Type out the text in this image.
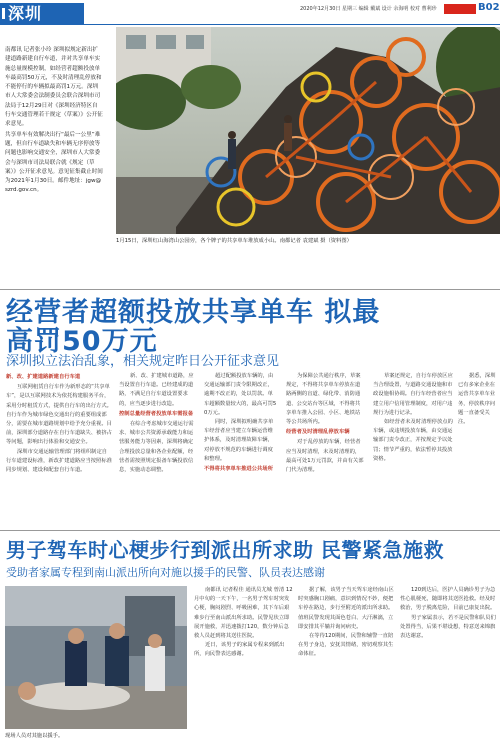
深圳	2020年12月30日 星期三 编辑 戴斌 设计 余海明 校对 曹利珍	B02

南都讯 记者张小玲 深圳拟规定新出扩建道路新建自行车道，并对共享单车实施总量规模控制，如经营者超额投放单车最高罚50万元，不及时清理乱停放和不能停行的车辆拟最高罚1万元。深圳市人大常委会法制委员会联合深圳市司法局于12月29日对《深圳经济特区自行车交通管理若干规定（草案）》公开征求意见。

共享单车有效解决出行“最后一公里”难题，但自行车道缺失和车辆无序停放等问题也影响交通安全，深圳市人大常委会与深圳市司法局联合就《规定（草案）》公开征求意见。意见征集截止时间为2021年1月30日。邮件地址：jgw@szrd.gov.cn。

1月15日，深圳红山海湾山公园旁，各个牌子的共享单车堆放成小山。南都记者 袁建斌 摄（资料图）
经营者超额投放共享单车 拟最高罚50万元
深圳拟立法治乱象，相关规定昨日公开征求意见

新、改、扩建道路新建自行车道

互联网租赁自行车作为新形态的“共享单车”，是以互联网技术为依托构建服务平台，采用分时租赁方式，提供自行车的出行方式。自行车作为城市绿色交通出行的重要组成部分，需要在城市道路规划中给予充分重视。目前，深圳部分道路存在自行车道缺失、被挤占等问题，影响出行体验和交通安全。

深圳市交通运输管理部门将组织制定自行车道建设标准，新改扩建道路应当按照标准同步规划、建设和配套自行车道。

新、改、扩建城市道路，应当设置自行车道。已经建成的道路，不满足自行车道设置要求的，应当逐步进行改造。

控制总量经营者投放单车需报备

在综合考虑城市交通运行需求、城市公共资源承载能力和运营服务能力等因素，深圳将确定合理投放总量和各企业配额，经营者需按照规定报备车辆投放信息，实施动态调整。

超过配额投放车辆的，由交通运输部门责令限期改正，逾期不改正的，处以罚款。单车超额数量较大的，最高可罚50万元。

同时，深圳拟明确共享单车经营者应当建立车辆运营维护体系，及时清理故障车辆，对停放不规范的车辆进行调度和整理。

不得将共享单车推进公共场所

为保障公共通行秩序，草案规定，不得将共享单车停放在道路两侧的盲道、绿化带、消防通道、公交站台等区域，不得将共享单车推入公园、小区、地铁站等公共场所内。

经营者及时清理乱停放车辆

对于乱停放的车辆，经营者应当及时清理，未及时清理的，最高可处1万元罚款，并由有关部门代为清理。

草案还规定，自行车停放区应当合理设置，与道路交通设施和市政设施相协调。自行车经营者应当建立用户信用管理制度，对用户违规行为进行记录。

如经营者未及时清理停放点的车辆，或违规投放车辆，由交通运输部门责令改正，并按规定予以处罚；情节严重的，依法暂停其投放资格。

据悉，深圳已有多家企业在运营共享单车业务，停放秩序问题一直备受关注。

男子驾车时心梗步行到派出所求助 民警紧急施救
受助者家属专程到南山派出所向对施以援手的民警、队员表达感谢
现场人员对其施以援手。

南都讯 记者程佳 通讯员尤城 曾清 12月中旬的一天下午，一名男子驾车时突发心梗，胸闷剧烈、呼吸困难，其下车后艰难步行至南山派出所求助。民警见状立即展开施救，并迅速拨打120，数分钟后急救人员赶到将其送往医院。

近日，该男子的家属专程来到派出所，向民警表达感谢。

据了解，该男子当天驾车途经南山区时突感胸口剧痛，意识到情况不妙，便把车停在路边，步行至附近的派出所求助。值班民警发现其面色苍白、大汗淋漓，立即安排其平躺并询问病史。

在等待120期间，民警和辅警一直陪在男子身边，安抚其情绪，密切观察其生命体征。

120到达后，医护人员确诊男子为急性心肌梗死，随即将其送医抢救。经及时救治，男子脱离危险，目前已康复出院。

男子家属表示，若不是民警和队员们处置得当，后果不堪设想，特意送来锦旗表达谢意。
